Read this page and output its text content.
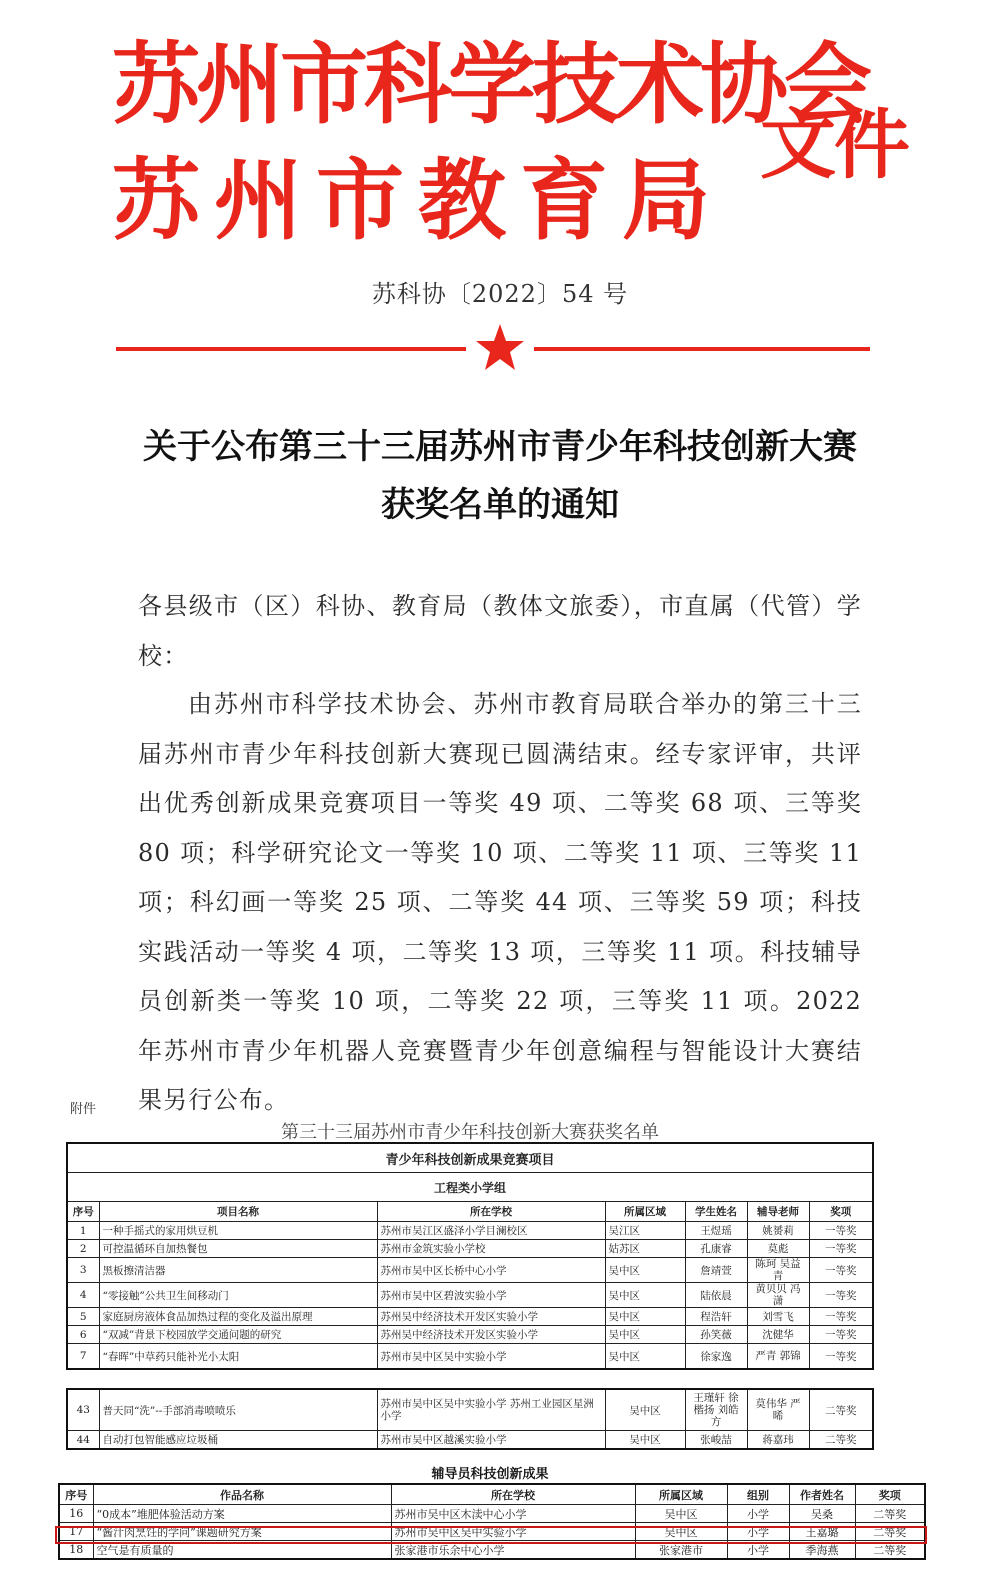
苏州市科学技术协会
苏州市教育局
文件
苏科协〔2022〕54 号
关于公布第三十三届苏州市青少年科技创新大赛
获奖名单的通知
各县级市（区）科协、教育局（教体文旅委），市直属（代管）学校：
由苏州市科学技术协会、苏州市教育局联合举办的第三十三届苏州市青少年科技创新大赛现已圆满结束。经专家评审，共评出优秀创新成果竞赛项目一等奖 49 项、二等奖 68 项、三等奖 80 项；科学研究论文一等奖 10 项、二等奖 11 项、三等奖 11 项；科幻画一等奖 25 项、二等奖 44 项、三等奖 59 项；科技实践活动一等奖 4 项，二等奖 13 项，三等奖 11 项。科技辅导员创新类一等奖 10 项，二等奖 22 项，三等奖 11 项。2022 年苏州市青少年机器人竞赛暨青少年创意编程与智能设计大赛结果另行公布。
附件
第三十三届苏州市青少年科技创新大赛获奖名单
青少年科技创新成果竞赛项目						
工程类小学组						
序号	项目名称	所在学校	所属区域	学生姓名	辅导老师	奖项
1	一种手摇式的家用烘豆机	苏州市吴江区盛泽小学目澜校区	吴江区	王煜瑶	姚赟莉	一等奖
2	可控温循环自加热餐包	苏州市金筑实验小学校	姑苏区	孔康睿	莫彪	一等奖
3	黑板擦清洁器	苏州市吴中区长桥中心小学	吴中区	詹靖萱	陈珂 吴益青	一等奖
4	“零接触”公共卫生间移动门	苏州市吴中区碧波实验小学	吴中区	陆依晨	黄贝贝 冯潇	一等奖
5	家庭厨房液体食品加热过程的变化及溢出原理	苏州吴中经济技术开发区实验小学	吴中区	程浩轩	刘雪飞	一等奖
6	“双减”背景下校园放学交通问题的研究	苏州吴中经济技术开发区实验小学	吴中区	孙笑薇	沈健华	一等奖
7	“春晖”中草药只能补光小太阳	苏州市吴中区吴中实验小学	吴中区	徐家逸	严青 郭锦	一等奖
43	普天同“洗”--手部消毒喷喷乐	苏州市吴中区吴中实验小学 苏州工业园区星洲小学	吴中区	王瑾轩 徐楷扬 刘皓方	莫伟华 严晞	二等奖
44	自动打包智能感应垃圾桶	苏州市吴中区越溪实验小学	吴中区	张峻喆	蒋嘉玮	二等奖
辅导员科技创新成果
序号	作品名称	所在学校	所属区域	组别	作者姓名	奖项
16	“0成本”堆肥体验活动方案	苏州市吴中区木渎中心小学	吴中区	小学	吴桑	二等奖
17	“酱汁肉烹饪的学问”课题研究方案	苏州市吴中区吴中实验小学	吴中区	小学	王嘉璐	二等奖
18	空气是有质量的	张家港市乐余中心小学	张家港市	小学	季海燕	二等奖
